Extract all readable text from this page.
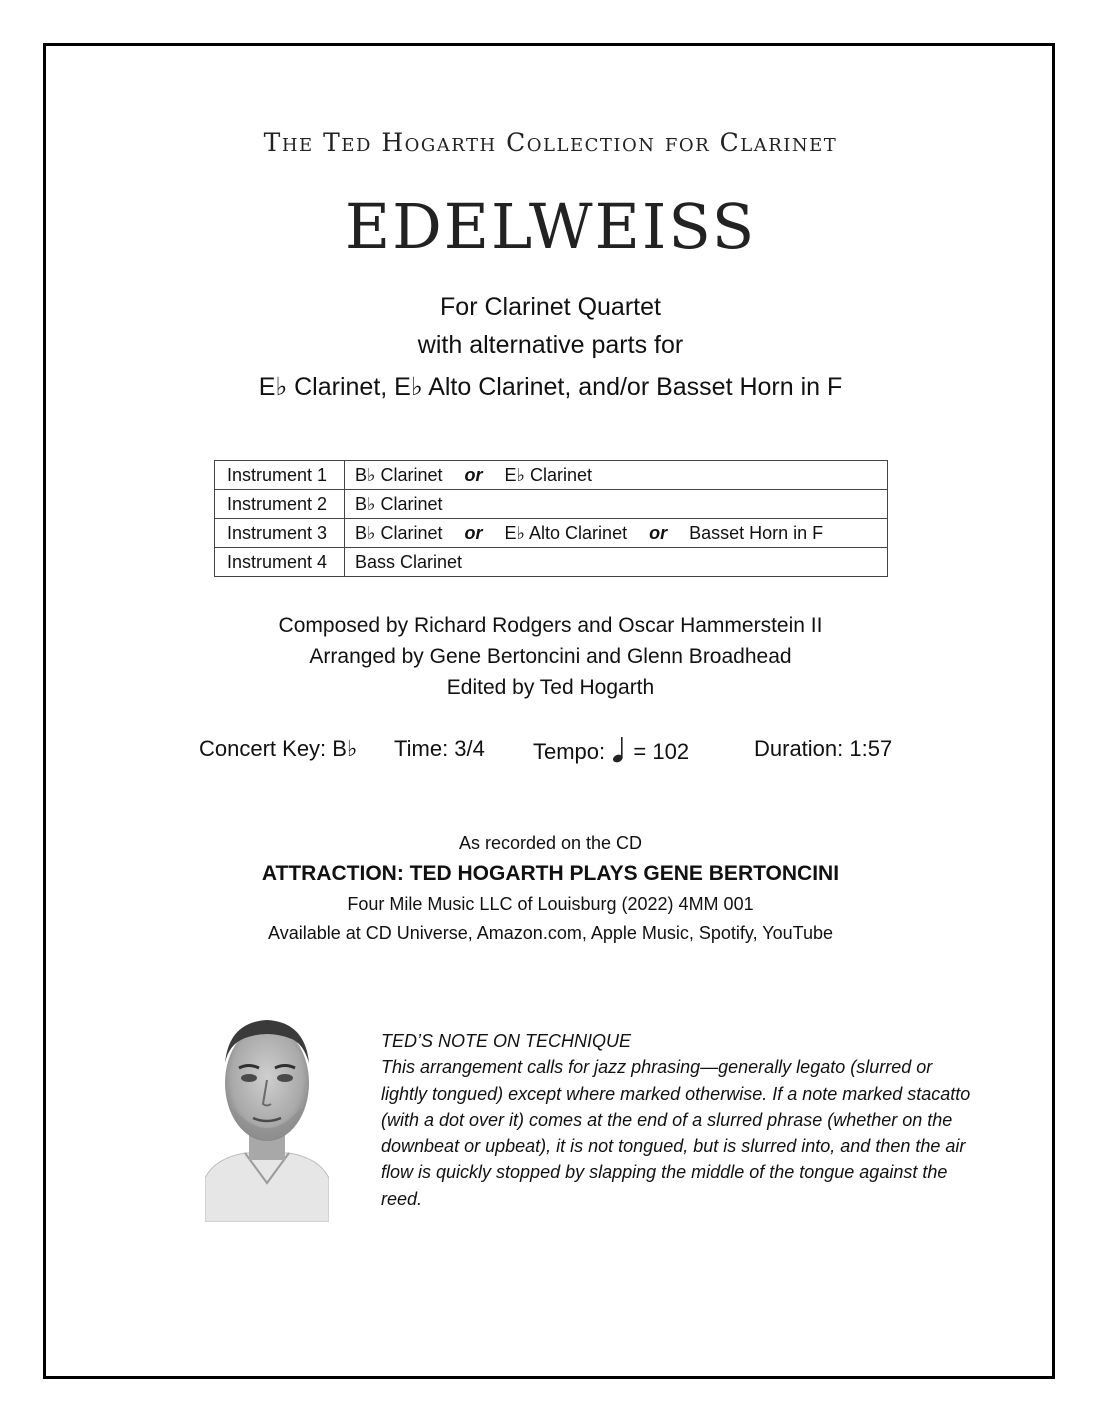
The Ted Hogarth Collection for Clarinet
EDELWEISS
For Clarinet Quartet
with alternative parts for
E♭ Clarinet, E♭ Alto Clarinet, and/or Basset Horn in F
Instrument 1	B♭ Clarinet or E♭ Clarinet
Instrument 2	B♭ Clarinet
Instrument 3	B♭ Clarinet or E♭ Alto Clarinet or Basset Horn in F
Instrument 4	Bass Clarinet
Composed by Richard Rodgers and Oscar Hammerstein II
Arranged by Gene Bertoncini and Glenn Broadhead
Edited by Ted Hogarth
Concert Key: B♭ Time: 3/4 Tempo: = 102	Duration: 1:57
As recorded on the CD
ATTRACTION: TED HOGARTH PLAYS GENE BERTONCINI
Four Mile Music LLC of Louisburg (2022) 4MM 001
Available at CD Universe, Amazon.com, Apple Music, Spotify, YouTube
TED’S NOTE ON TECHNIQUE
This arrangement calls for jazz phrasing—generally legato (slurred or lightly tongued) except where marked otherwise. If a note marked stacatto (with a dot over it) comes at the end of a slurred phrase (whether on the downbeat or upbeat), it is not tongued, but is slurred into, and then the air flow is quickly stopped by slapping the middle of the tongue against the reed.
